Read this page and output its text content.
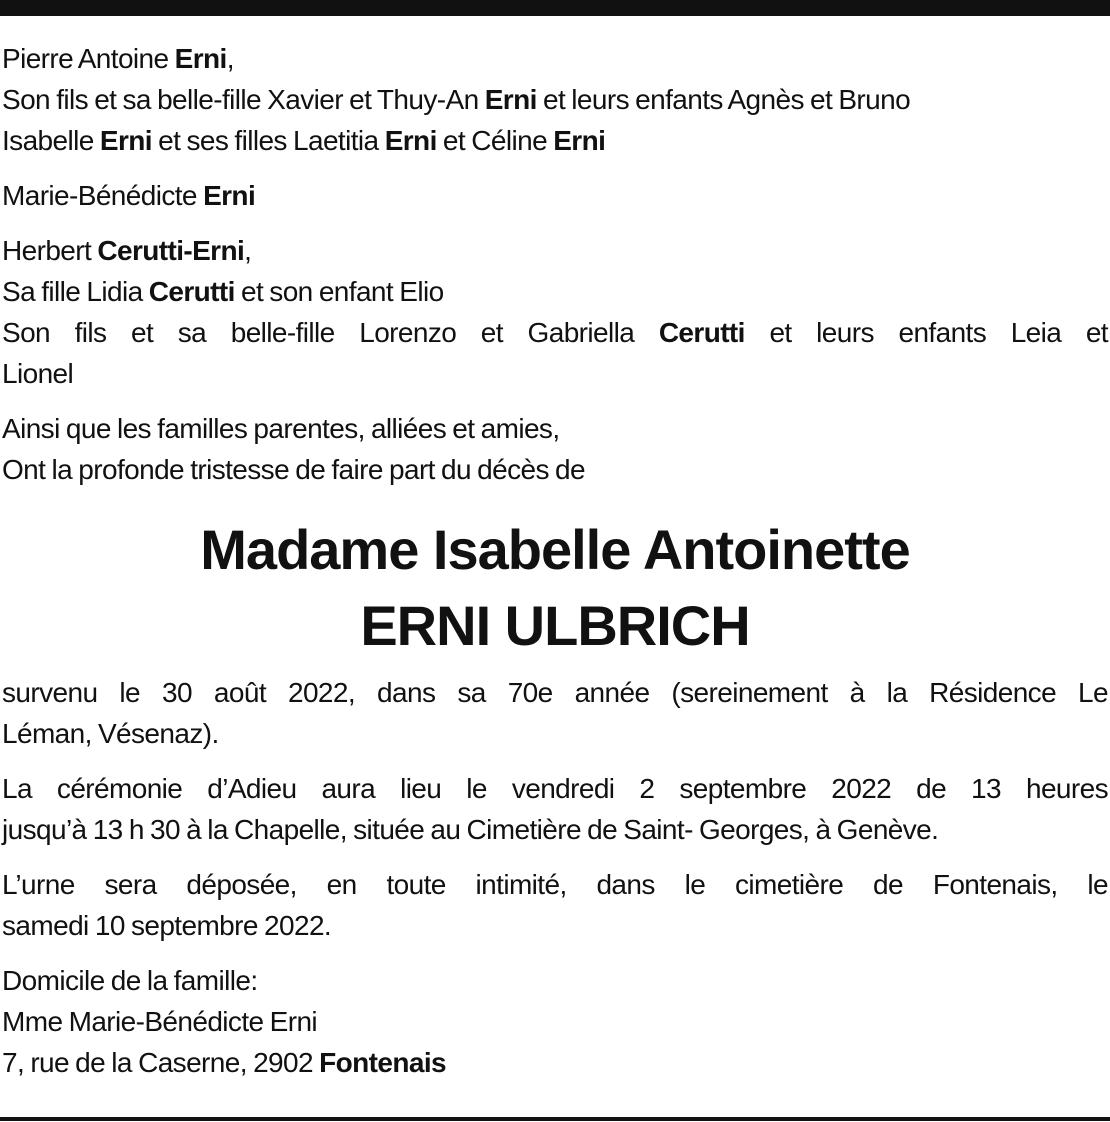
Pierre Antoine Erni,
Son fils et sa belle-fille Xavier et Thuy-An Erni et leurs enfants Agnès et Bruno
Isabelle Erni et ses filles Laetitia Erni et Céline Erni
Marie-Bénédicte Erni
Herbert Cerutti-Erni,
Sa fille Lidia Cerutti et son enfant Elio
Son fils et sa belle-fille Lorenzo et Gabriella Cerutti et leurs enfants Leia et
Lionel
Ainsi que les familles parentes, alliées et amies,
Ont la profonde tristesse de faire part du décès de
Madame Isabelle Antoinette
ERNI ULBRICH
survenu le 30 août 2022, dans sa 70e année (sereinement à la Résidence Le
Léman, Vésenaz).
La cérémonie d’Adieu aura lieu le vendredi 2 septembre 2022 de 13 heures
jusqu’à 13 h 30 à la Chapelle, située au Cimetière de Saint- Georges, à Genève.
L’urne sera déposée, en toute intimité, dans le cimetière de Fontenais, le
samedi 10 septembre 2022.
Domicile de la famille:
Mme Marie-Bénédicte Erni
7, rue de la Caserne, 2902 Fontenais
